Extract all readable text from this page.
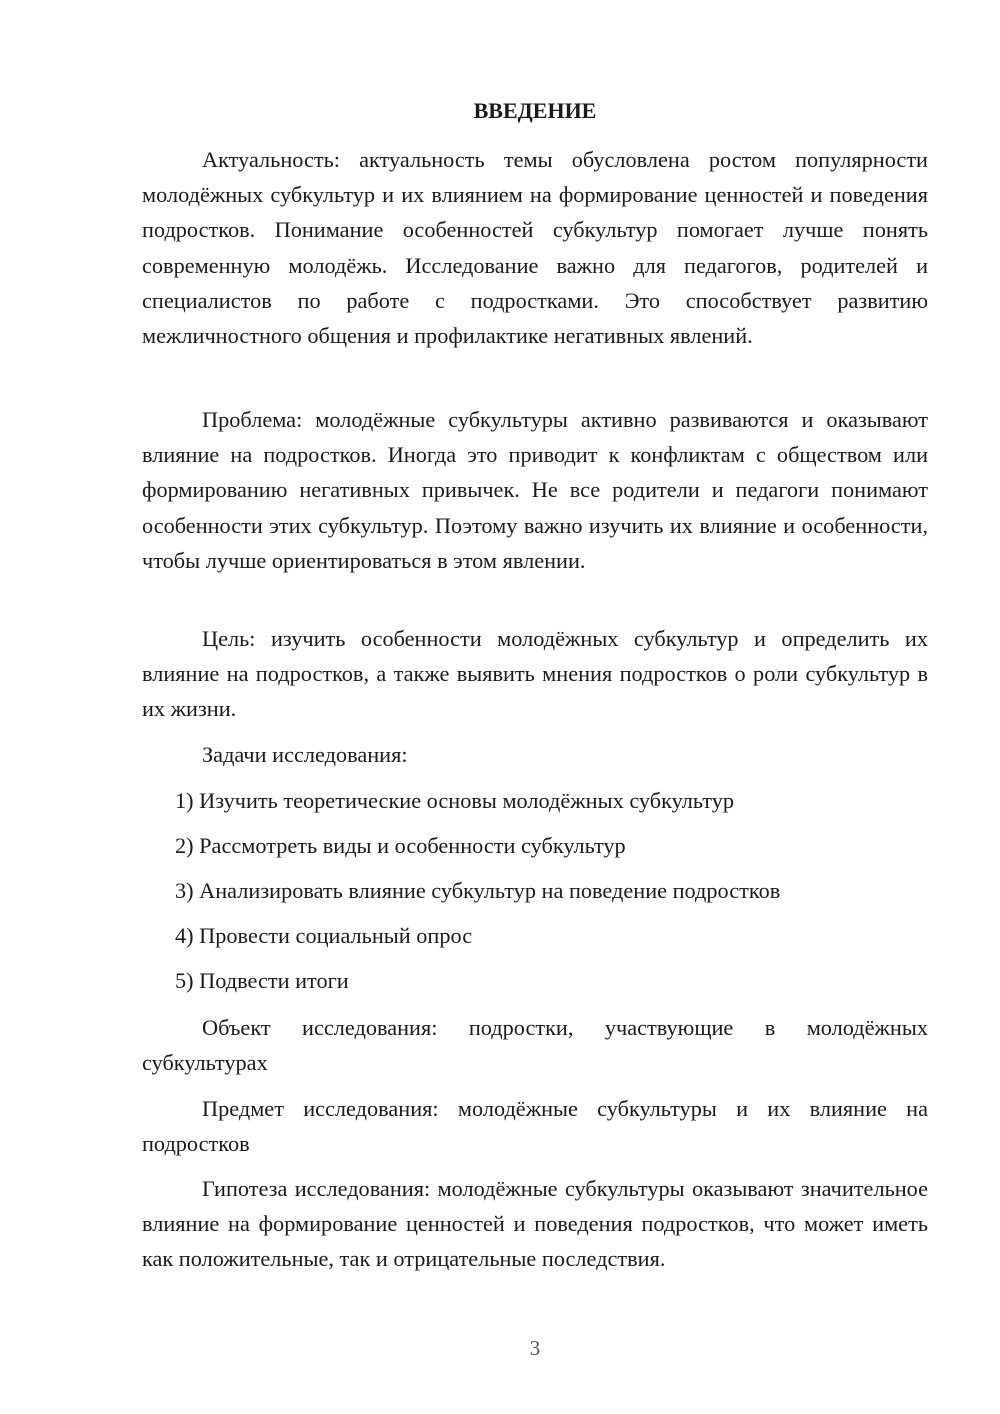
ВВЕДЕНИЕ

Актуальность: актуальность темы обусловлена ростом популярности молодёжных субкультур и их влиянием на формирование ценностей и поведения подростков. Понимание особенностей субкультур помогает лучше понять современную молодёжь. Исследование важно для педагогов, родителей и специалистов по работе с подростками. Это способствует развитию межличностного общения и профилактике негативных явлений.

Проблема: молодёжные субкультуры активно развиваются и оказывают влияние на подростков. Иногда это приводит к конфликтам с обществом или формированию негативных привычек. Не все родители и педагоги понимают особенности этих субкультур. Поэтому важно изучить их влияние и особенности, чтобы лучше ориентироваться в этом явлении.

Цель: изучить особенности молодёжных субкультур и определить их влияние на подростков, а также выявить мнения подростков о роли субкультур в их жизни.

Задачи исследования:

1) Изучить теоретические основы молодёжных субкультур

2) Рассмотреть виды и особенности субкультур

3) Анализировать влияние субкультур на поведение подростков

4) Провести социальный опрос

5) Подвести итоги

Объект исследования: подростки, участвующие в молодёжных субкультурах

Предмет исследования: молодёжные субкультуры и их влияние на подростков

Гипотеза исследования: молодёжные субкультуры оказывают значительное влияние на формирование ценностей и поведения подростков, что может иметь как положительные, так и отрицательные последствия.

3
